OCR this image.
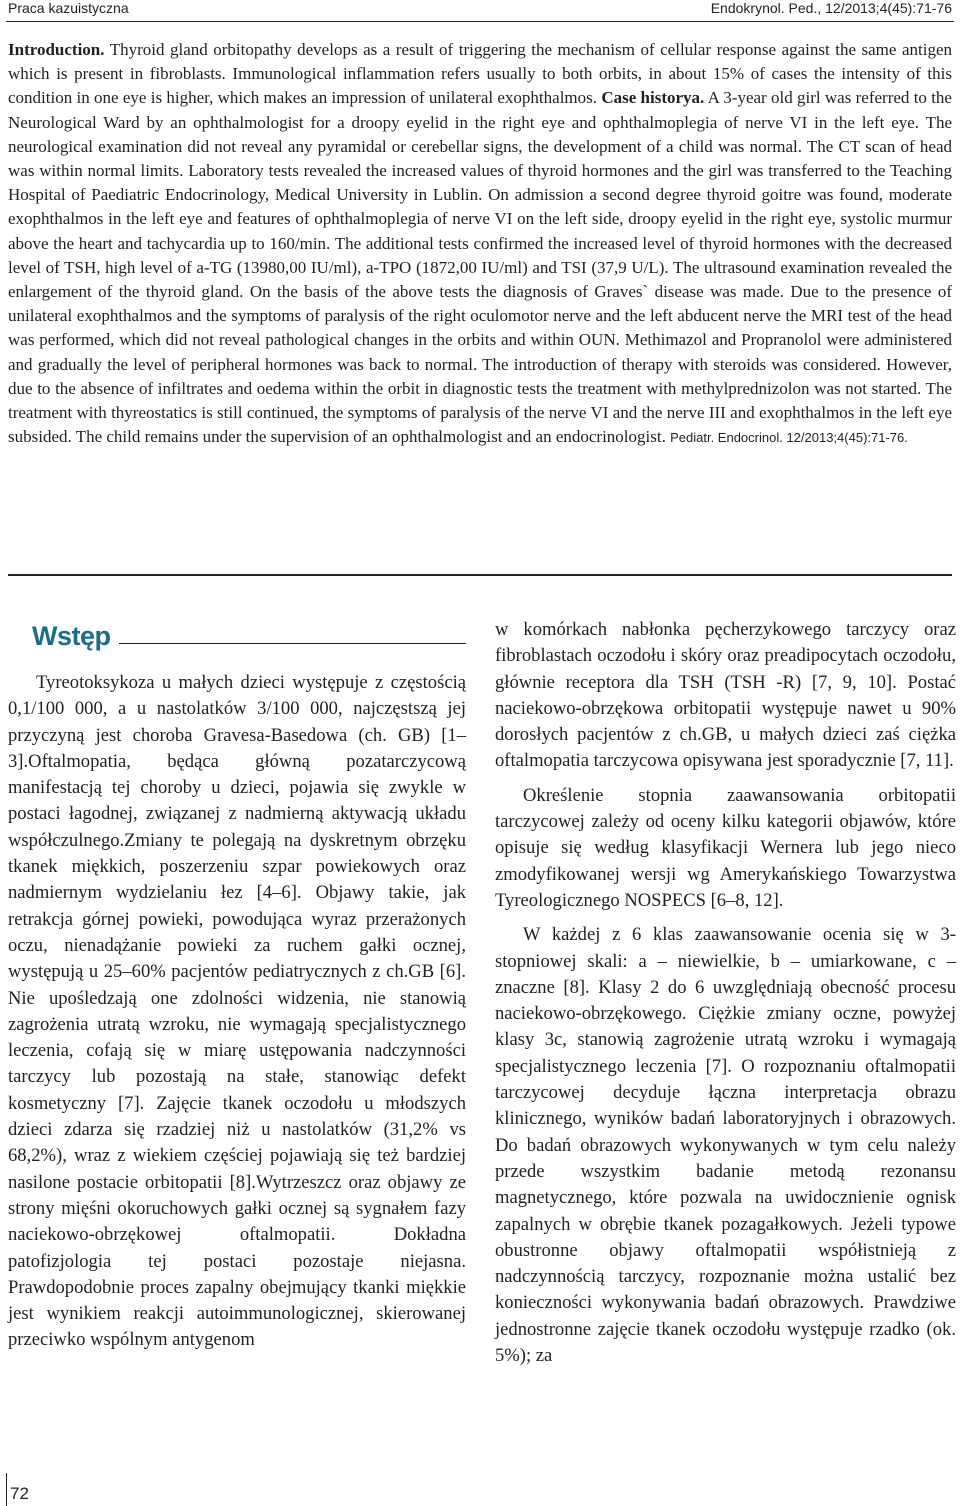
Praca kazuistyczna	Endokrynol. Ped., 12/2013;4(45):71-76
Introduction. Thyroid gland orbitopathy develops as a result of triggering the mechanism of cellular response against the same antigen which is present in fibroblasts. Immunological inflammation refers usually to both orbits, in about 15% of cases the intensity of this condition in one eye is higher, which makes an impression of unilateral exophthalmos. Case historya. A 3-year old girl was referred to the Neurological Ward by an ophthalmologist for a droopy eyelid in the right eye and ophthalmoplegia of nerve VI in the left eye. The neurological examination did not reveal any pyramidal or cerebellar signs, the development of a child was normal. The CT scan of head was within normal limits. Laboratory tests revealed the increased values of thyroid hormones and the girl was transferred to the Teaching Hospital of Paediatric Endocrinology, Medical University in Lublin. On admission a second degree thyroid goitre was found, moderate exophthalmos in the left eye and features of ophthalmoplegia of nerve VI on the left side, droopy eyelid in the right eye, systolic murmur above the heart and tachycardia up to 160/min. The additional tests confirmed the increased level of thyroid hormones with the decreased level of TSH, high level of a-TG (13980,00 IU/ml), a-TPO (1872,00 IU/ml) and TSI (37,9 U/L). The ultrasound examination revealed the enlargement of the thyroid gland. On the basis of the above tests the diagnosis of Graves` disease was made. Due to the presence of unilateral exophthalmos and the symptoms of paralysis of the right oculomotor nerve and the left abducent nerve the MRI test of the head was performed, which did not reveal pathological changes in the orbits and within OUN. Methimazol and Propranolol were administered and gradually the level of peripheral hormones was back to normal. The introduction of therapy with steroids was considered. However, due to the absence of infiltrates and oedema within the orbit in diagnostic tests the treatment with methylprednizolon was not started. The treatment with thyreostatics is still continued, the symptoms of paralysis of the nerve VI and the nerve III and exophthalmos in the left eye subsided. The child remains under the supervision of an ophthalmologist and an endocrinologist. Pediatr. Endocrinol. 12/2013;4(45):71-76.
Wstęp

Tyreotoksykoza u małych dzieci występuje z częstością 0,1/100 000, a u nastolatków 3/100 000, najczęstszą jej przyczyną jest choroba Gravesa-Basedowa (ch. GB) [1–3].Oftalmopatia, będąca główną pozatarczycową manifestacją tej choroby u dzieci, pojawia się zwykle w postaci łagodnej, związanej z nadmierną aktywacją układu współczulnego.Zmiany te polegają na dyskretnym obrzęku tkanek miękkich, poszerzeniu szpar powiekowych oraz nadmiernym wydzielaniu łez [4–6]. Objawy takie, jak retrakcja górnej powieki, powodująca wyraz przerażonych oczu, nienadążanie powieki za ruchem gałki ocznej, występują u 25–60% pacjentów pediatrycznych z ch.GB [6]. Nie upośledzają one zdolności widzenia, nie stanowią zagrożenia utratą wzroku, nie wymagają specjalistycznego leczenia, cofają się w miarę ustępowania nadczynności tarczycy lub pozostają na stałe, stanowiąc defekt kosmetyczny [7]. Zajęcie tkanek oczodołu u młodszych dzieci zdarza się rzadziej niż u nastolatków (31,2% vs 68,2%), wraz z wiekiem częściej pojawiają się też bardziej nasilone postacie orbitopatii [8].Wytrzeszcz oraz objawy ze strony mięśni okoruchowych gałki ocznej są sygnałem fazy naciekowo-obrzękowej oftalmopatii. Dokładna patofizjologia tej postaci pozostaje niejasna. Prawdopodobnie proces zapalny obejmujący tkanki miękkie jest wynikiem reakcji autoimmunologicznej, skierowanej przeciwko wspólnym antygenom

w komórkach nabłonka pęcherzykowego tarczycy oraz fibroblastach oczodołu i skóry oraz preadipocytach oczodołu, głównie receptora dla TSH (TSH -R) [7, 9, 10]. Postać naciekowo-obrzękowa orbitopatii występuje nawet u 90% dorosłych pacjentów z ch.GB, u małych dzieci zaś ciężka oftalmopatia tarczycowa opisywana jest sporadycznie [7, 11].

Określenie stopnia zaawansowania orbitopatii tarczycowej zależy od oceny kilku kategorii objawów, które opisuje się według klasyfikacji Wernera lub jego nieco zmodyfikowanej wersji wg Amerykańskiego Towarzystwa Tyreologicznego NOSPECS [6–8, 12].

W każdej z 6 klas zaawansowanie ocenia się w 3-stopniowej skali: a – niewielkie, b – umiarkowane, c – znaczne [8]. Klasy 2 do 6 uwzględniają obecność procesu naciekowo-obrzękowego. Ciężkie zmiany oczne, powyżej klasy 3c, stanowią zagrożenie utratą wzroku i wymagają specjalistycznego leczenia [7]. O rozpoznaniu oftalmopatii tarczycowej decyduje łączna interpretacja obrazu klinicznego, wyników badań laboratoryjnych i obrazowych. Do badań obrazowych wykonywanych w tym celu należy przede wszystkim badanie metodą rezonansu magnetycznego, które pozwala na uwidocznienie ognisk zapalnych w obrębie tkanek pozagałkowych. Jeżeli typowe obustronne objawy oftalmopatii współistnieją z nadczynnością tarczycy, rozpoznanie można ustalić bez konieczności wykonywania badań obrazowych. Prawdziwe jednostronne zajęcie tkanek oczodołu występuje rzadko (ok. 5%); za

72
